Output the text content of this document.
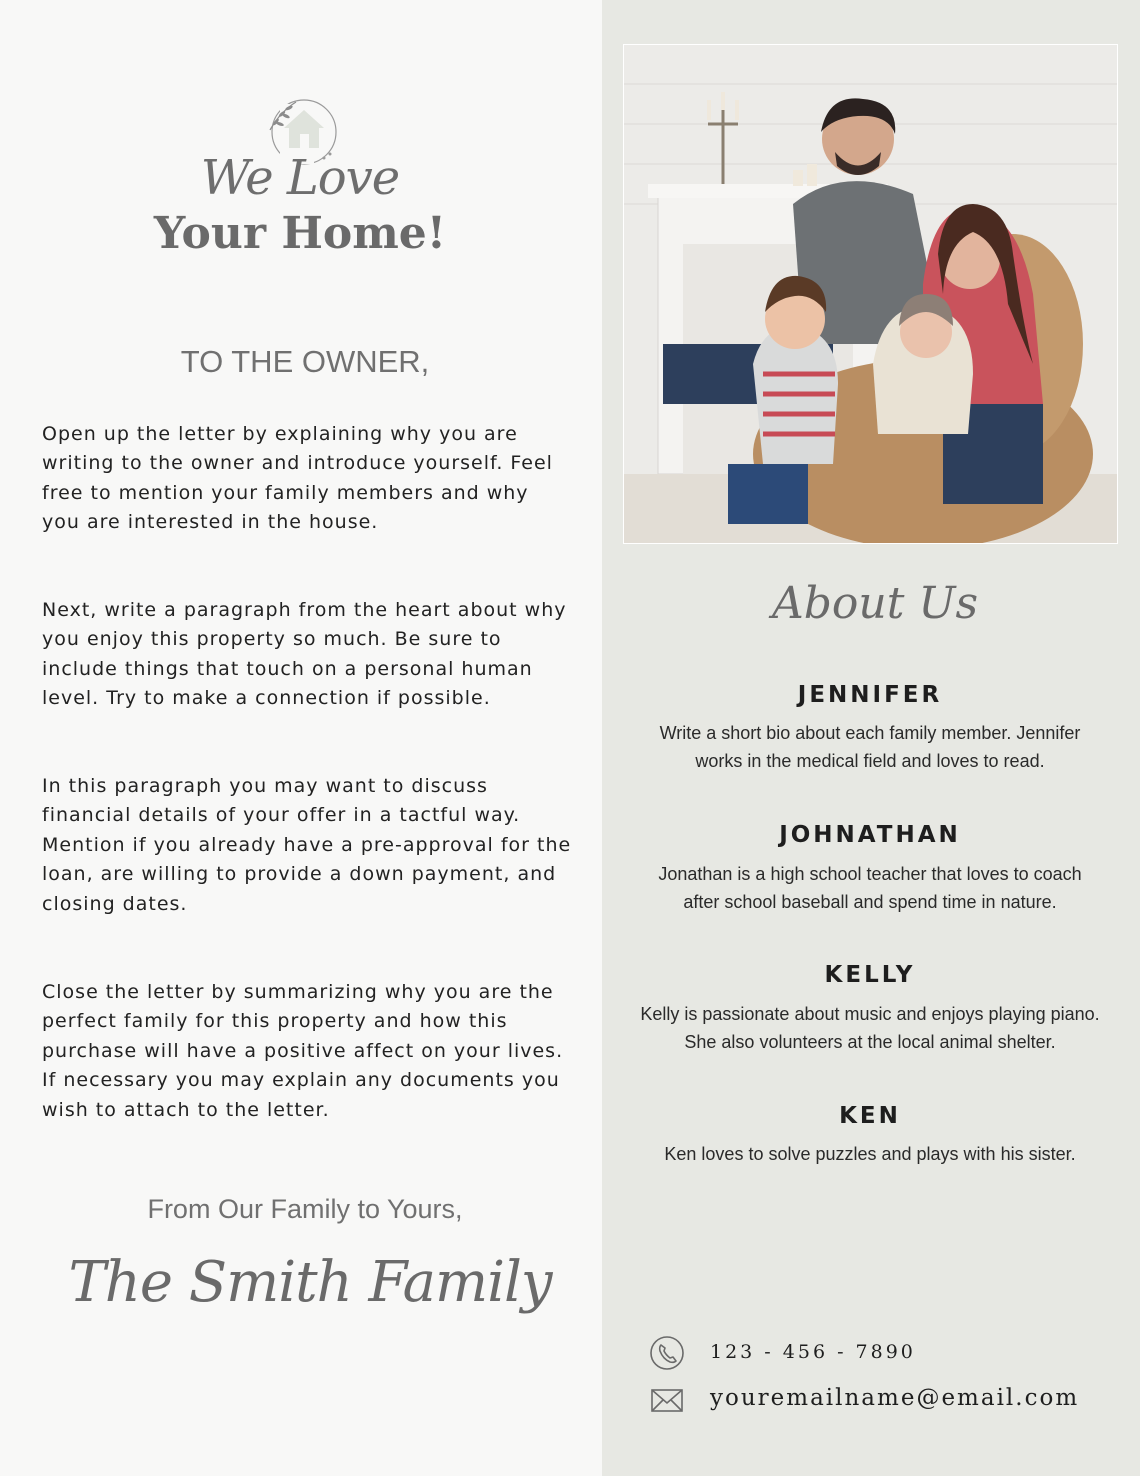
We Love
Your Home!
TO THE OWNER,
Open up the letter by explaining why you are writing to the owner and introduce yourself. Feel free to mention your family members and why you are interested in the house.
Next, write a paragraph from the heart about why you enjoy this property so much. Be sure to include things that touch on a personal human level. Try to make a connection if possible.
In this paragraph you may want to discuss financial details of your offer in a tactful way. Mention if you already have a pre-approval for the loan, are willing to provide a down payment, and closing dates.
Close the letter by summarizing why you are the perfect family for this property and how this purchase will have a positive affect on your lives. If necessary you may explain any documents you wish to attach to the letter.
From Our Family to Yours,
The Smith Family
About Us
JENNIFER
Write a short bio about each family member. Jennifer works in the medical field and loves to read.
JOHNATHAN
Jonathan is a high school teacher that loves to coach after school baseball and spend time in nature.
KELLY
Kelly is passionate about music and enjoys playing piano. She also volunteers at the local animal shelter.
KEN
Ken loves to solve puzzles and plays with his sister.
123 - 456 - 7890
youremailname@email.com
